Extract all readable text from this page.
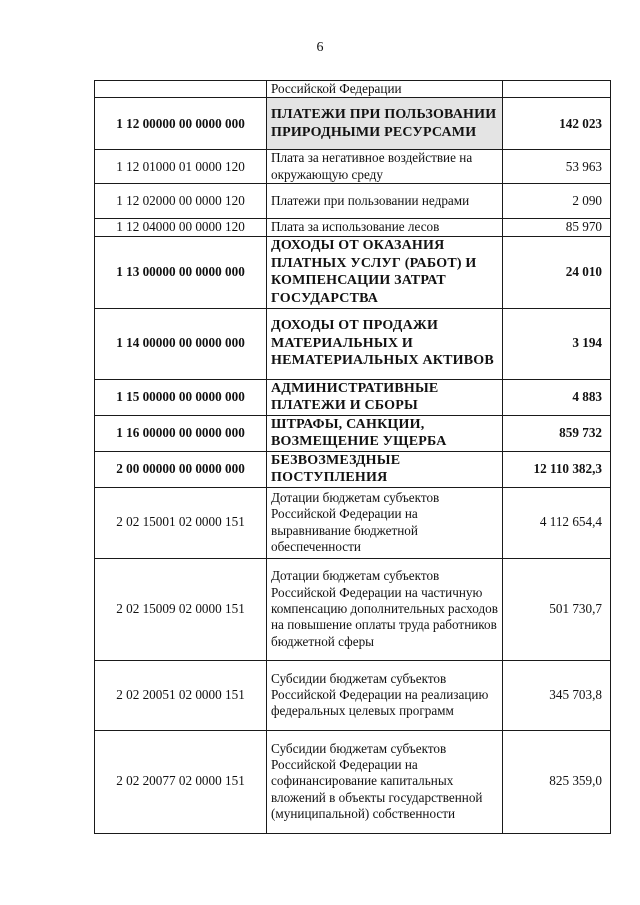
6
	Российской Федерации	
1 12 00000 00 0000 000	ПЛАТЕЖИ ПРИ ПОЛЬЗОВАНИИ ПРИРОДНЫМИ РЕСУРСАМИ	142 023
1 12 01000 01 0000 120	Плата за негативное воздействие на окружающую среду	53 963
1 12 02000 00 0000 120	Платежи при пользовании недрами	2 090
1 12 04000 00 0000 120	Плата за использование лесов	85 970
1 13 00000 00 0000 000	ДОХОДЫ ОТ ОКАЗАНИЯ ПЛАТНЫХ УСЛУГ (РАБОТ) И КОМПЕНСАЦИИ ЗАТРАТ ГОСУДАРСТВА	24 010
1 14 00000 00 0000 000	ДОХОДЫ ОТ ПРОДАЖИ МАТЕРИАЛЬНЫХ И НЕМАТЕРИАЛЬНЫХ АКТИВОВ	3 194
1 15 00000 00 0000 000	АДМИНИСТРАТИВНЫЕ ПЛАТЕЖИ И СБОРЫ	4 883
1 16 00000 00 0000 000	ШТРАФЫ, САНКЦИИ, ВОЗМЕЩЕНИЕ УЩЕРБА	859 732
2 00 00000 00 0000 000	БЕЗВОЗМЕЗДНЫЕ ПОСТУПЛЕНИЯ	12 110 382,3
2 02 15001 02 0000 151	Дотации бюджетам субъектов Российской Федерации на выравнивание бюджетной обеспеченности	4 112 654,4
2 02 15009 02 0000 151	Дотации бюджетам субъектов Российской Федерации на частичную компенсацию дополнительных расходов на повышение оплаты труда работников бюджетной сферы	501 730,7
2 02 20051 02 0000 151	Субсидии бюджетам субъектов Российской Федерации на реализацию федеральных целевых программ	345 703,8
2 02 20077 02 0000 151	Субсидии бюджетам субъектов Российской Федерации на софинансирование капитальных вложений в объекты государственной (муниципальной) собственности	825 359,0
